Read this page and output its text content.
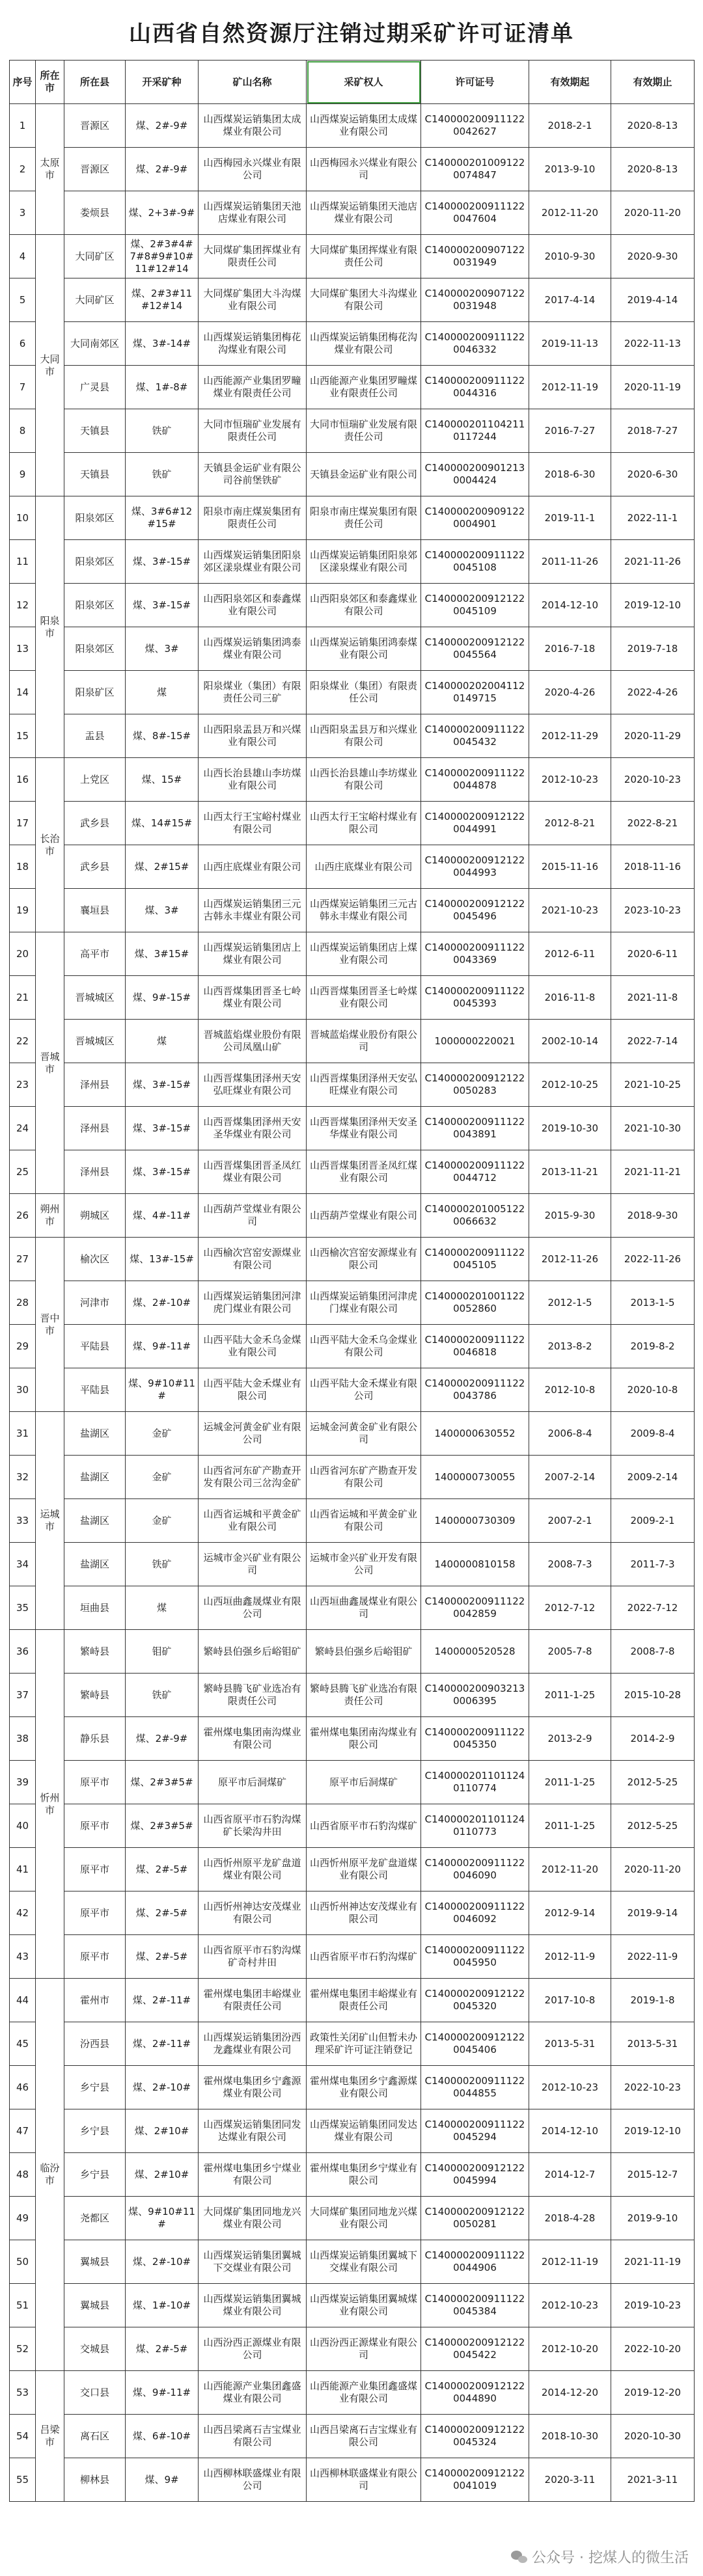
山西省自然资源厅注销过期采矿许可证清单
序号	所在市	所在县	开采矿种	矿山名称	采矿权人	许可证号	有效期起	有效期止
1	太原市	晋源区	煤、2#-9#	山西煤炭运销集团太成煤业有限公司	山西煤炭运销集团太成煤业有限公司	C1400002009111220042627	2018-2-1	2020-8-13
2		晋源区	煤、2#-9#	山西梅园永兴煤业有限公司	山西梅园永兴煤业有限公司	C1400002010091220074847	2013-9-10	2020-8-13
3		娄烦县	煤、2+3#-9#	山西煤炭运销集团天池店煤业有限公司	山西煤炭运销集团天池店煤业有限公司	C1400002009111220047604	2012-11-20	2020-11-20
4	大同市	大同矿区	煤、2#3#4#7#8#9#10#11#12#14	大同煤矿集团挥煤业有限责任公司	大同煤矿集团挥煤业有限责任公司	C1400002009071220031949	2010-9-30	2020-9-30
5		大同矿区	煤、2#3#11#12#14	大同煤矿集团大斗沟煤业有限公司	大同煤矿集团大斗沟煤业有限公司	C1400002009071220031948	2017-4-14	2019-4-14
6		大同南郊区	煤、3#-14#	山西煤炭运销集团梅花沟煤业有限公司	山西煤炭运销集团梅花沟煤业有限公司	C1400002009111220046332	2019-11-13	2022-11-13
7		广灵县	煤、1#-8#	山西能源产业集团罗疃煤业有限责任公司	山西能源产业集团罗疃煤业有限责任公司	C1400002009111220044316	2012-11-19	2020-11-19
8		天镇县	铁矿	大同市恒瑞矿业发展有限责任公司	大同市恒瑞矿业发展有限责任公司	C1400002011042110117244	2016-7-27	2018-7-27
9		天镇县	铁矿	天镇县金运矿业有限公司谷前堡铁矿	天镇县金运矿业有限公司	C1400002009012130004424	2018-6-30	2020-6-30
10	阳泉市	阳泉郊区	煤、3#6#12#15#	阳泉市南庄煤炭集团有限责任公司	阳泉市南庄煤炭集团有限责任公司	C1400002009091220004901	2019-11-1	2022-11-1
11		阳泉郊区	煤、3#-15#	山西煤炭运销集团阳泉郊区漾泉煤业有限公司	山西煤炭运销集团阳泉郊区漾泉煤业有限公司	C1400002009111220045108	2011-11-26	2021-11-26
12		阳泉郊区	煤、3#-15#	山西阳泉郊区和泰鑫煤业有限公司	山西阳泉郊区和泰鑫煤业有限公司	C1400002009121220045109	2014-12-10	2019-12-10
13		阳泉郊区	煤、3#	山西煤炭运销集团鸿泰煤业有限公司	山西煤炭运销集团鸿泰煤业有限公司	C1400002009121220045564	2016-7-18	2019-7-18
14		阳泉矿区	煤	阳泉煤业（集团）有限责任公司三矿	阳泉煤业（集团）有限责任公司	C1400002020041120149715	2020-4-26	2022-4-26
15		盂县	煤、8#-15#	山西阳泉盂县万和兴煤业有限公司	山西阳泉盂县万和兴煤业有限公司	C1400002009111220045432	2012-11-29	2020-11-29
16	长治市	上党区	煤、15#	山西长治县雄山李坊煤业有限公司	山西长治县雄山李坊煤业有限公司	C1400002009111220044878	2012-10-23	2020-10-23
17		武乡县	煤、14#15#	山西太行王宝峪村煤业有限公司	山西太行王宝峪村煤业有限公司	C1400002009121220044991	2012-8-21	2022-8-21
18		武乡县	煤、2#15#	山西庄底煤业有限公司	山西庄底煤业有限公司	C1400002009121220044993	2015-11-16	2018-11-16
19		襄垣县	煤、3#	山西煤炭运销集团三元古韩永丰煤业有限公司	山西煤炭运销集团三元古韩永丰煤业有限公司	C1400002009121220045496	2021-10-23	2023-10-23
20	晋城市	高平市	煤、3#15#	山西煤炭运销集团店上煤业有限公司	山西煤炭运销集团店上煤业有限公司	C1400002009111220043369	2012-6-11	2020-6-11
21		晋城城区	煤、9#-15#	山西晋煤集团晋圣七岭煤业有限公司	山西晋煤集团晋圣七岭煤业有限公司	C1400002009111220045393	2016-11-8	2021-11-8
22		晋城城区	煤	晋城蓝焰煤业股份有限公司凤凰山矿	晋城蓝焰煤业股份有限公司	1000000220021	2002-10-14	2022-7-14
23		泽州县	煤、3#-15#	山西晋煤集团泽州天安弘旺煤业有限公司	山西晋煤集团泽州天安弘旺煤业有限公司	C1400002009121220050283	2012-10-25	2021-10-25
24		泽州县	煤、3#-15#	山西晋煤集团泽州天安圣华煤业有限公司	山西晋煤集团泽州天安圣华煤业有限公司	C1400002009111220043891	2019-10-30	2021-10-30
25		泽州县	煤、3#-15#	山西晋煤集团晋圣凤红煤业有限公司	山西晋煤集团晋圣凤红煤业有限公司	C1400002009111220044712	2013-11-21	2021-11-21
26	朔州市	朔城区	煤、4#-11#	山西葫芦堂煤业有限公司	山西葫芦堂煤业有限公司	C1400002010051220066632	2015-9-30	2018-9-30
27	晋中市	榆次区	煤、13#-15#	山西榆次宫窑安源煤业有限公司	山西榆次宫窑安源煤业有限公司	C1400002009111220045105	2012-11-26	2022-11-26
28		河津市	煤、2#-10#	山西煤炭运销集团河津虎门煤业有限公司	山西煤炭运销集团河津虎门煤业有限公司	C1400002010011220052860	2012-1-5	2013-1-5
29		平陆县	煤、9#-11#	山西平陆大金禾乌金煤业有限公司	山西平陆大金禾乌金煤业有限公司	C1400002009111220046818	2013-8-2	2019-8-2
30		平陆县	煤、9#10#11#	山西平陆大金禾煤业有限公司	山西平陆大金禾煤业有限公司	C1400002009111220043786	2012-10-8	2020-10-8
31	运城市	盐湖区	金矿	运城金河黄金矿业有限公司	运城金河黄金矿业有限公司	1400000630552	2006-8-4	2009-8-4
32		盐湖区	金矿	山西省河东矿产勘查开发有限公司三岔沟金矿	山西省河东矿产勘查开发有限公司	1400000730055	2007-2-14	2009-2-14
33		盐湖区	金矿	山西省运城和平黄金矿业有限公司	山西省运城和平黄金矿业有限公司	1400000730309	2007-2-1	2009-2-1
34		盐湖区	铁矿	运城市金兴矿业有限公司	运城市金兴矿业开发有限公司	1400000810158	2008-7-3	2011-7-3
35		垣曲县	煤	山西垣曲鑫晟煤业有限公司	山西垣曲鑫晟煤业有限公司	C1400002009111220042859	2012-7-12	2022-7-12
36	忻州市	繁峙县	钼矿	繁峙县伯强乡后峪钼矿	繁峙县伯强乡后峪钼矿	1400000520528	2005-7-8	2008-7-8
37		繁峙县	铁矿	繁峙县腾飞矿业选冶有限责任公司	繁峙县腾飞矿业选冶有限责任公司	C1400002009032130006395	2011-1-25	2015-10-28
38		静乐县	煤、2#-9#	霍州煤电集团南沟煤业有限公司	霍州煤电集团南沟煤业有限公司	C1400002009111220045350	2013-2-9	2014-2-9
39		原平市	煤、2#3#5#	原平市后洞煤矿	原平市后洞煤矿	C1400002011011240110774	2011-1-25	2012-5-25
40		原平市	煤、2#3#5#	山西省原平市石豹沟煤矿长梁沟井田	山西省原平市石豹沟煤矿	C1400002011011240110773	2011-1-25	2012-5-25
41		原平市	煤、2#-5#	山西忻州原平龙矿盘道煤业有限公司	山西忻州原平龙矿盘道煤业有限公司	C1400002009111220046090	2012-11-20	2020-11-20
42		原平市	煤、2#-5#	山西忻州神达安茂煤业有限公司	山西忻州神达安茂煤业有限公司	C1400002009111220046092	2012-9-14	2019-9-14
43		原平市	煤、2#-5#	山西省原平市石豹沟煤矿奇村井田	山西省原平市石豹沟煤矿	C1400002009111220045950	2012-11-9	2022-11-9
44	临汾市	霍州市	煤、2#-11#	霍州煤电集团丰峪煤业有限责任公司	霍州煤电集团丰峪煤业有限责任公司	C1400002009121220045320	2017-10-8	2019-1-8
45		汾西县	煤、2#-11#	山西煤炭运销集团汾西龙鑫煤业有限公司	政策性关闭矿山但暂未办理采矿许可证注销登记	C1400002009121220045406	2013-5-31	2013-5-31
46		乡宁县	煤、2#-10#	霍州煤电集团乡宁鑫源煤业有限公司	霍州煤电集团乡宁鑫源煤业有限公司	C1400002009111220044855	2012-10-23	2022-10-23
47		乡宁县	煤、2#10#	山西煤炭运销集团同发达煤业有限公司	山西煤炭运销集团同发达煤业有限公司	C1400002009111220045294	2014-12-10	2019-12-10
48		乡宁县	煤、2#10#	霍州煤电集团乡宁煤业有限公司	霍州煤电集团乡宁煤业有限公司	C1400002009121220045994	2014-12-7	2015-12-7
49		尧都区	煤、9#10#11#	大同煤矿集团同地龙兴煤业有限公司	大同煤矿集团同地龙兴煤业有限公司	C1400002009121220050281	2018-4-28	2019-9-10
50		翼城县	煤、2#-10#	山西煤炭运销集团翼城下交煤业有限公司	山西煤炭运销集团翼城下交煤业有限公司	C1400002009111220044906	2012-11-19	2021-11-19
51		翼城县	煤、1#-10#	山西煤炭运销集团翼城煤业有限公司	山西煤炭运销集团翼城煤业有限公司	C1400002009111220045384	2012-10-23	2019-10-23
52		交城县	煤、2#-5#	山西汾西正源煤业有限公司	山西汾西正源煤业有限公司	C1400002009121220045422	2012-10-20	2022-10-20
53	吕梁市	交口县	煤、9#-11#	山西能源产业集团鑫盛煤业有限公司	山西能源产业集团鑫盛煤业有限公司	C1400002009121220044890	2014-12-20	2019-12-20
54		离石区	煤、6#-10#	山西吕梁离石吉宝煤业有限公司	山西吕梁离石吉宝煤业有限公司	C1400002009121220045324	2018-10-30	2020-10-30
55		柳林县	煤、9#	山西柳林联盛煤业有限公司	山西柳林联盛煤业有限公司	C1400002009121220041019	2020-3-11	2021-3-11
公众号 · 挖煤人的微生活
